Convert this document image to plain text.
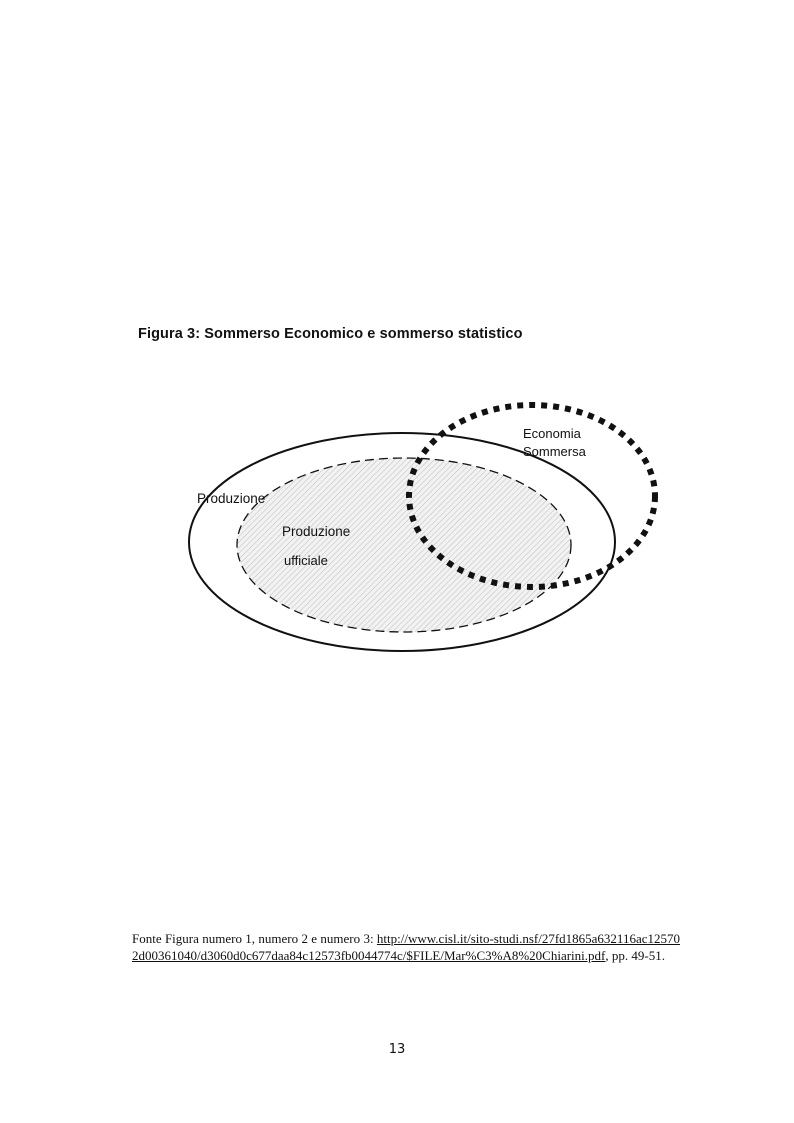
Figura 3: Sommerso Economico e sommerso statistico
Produzione
Produzione
ufficiale
Economia
Sommersa

Fonte Figura numero 1, numero 2 e numero 3: http://www.cisl.it/sito-studi.nsf/27fd1865a632116ac125702d00361040/d3060d0c677daa84c12573fb0044774c/$FILE/Mar%C3%A8%20Chiarini.pdf, pp. 49-51.

13
